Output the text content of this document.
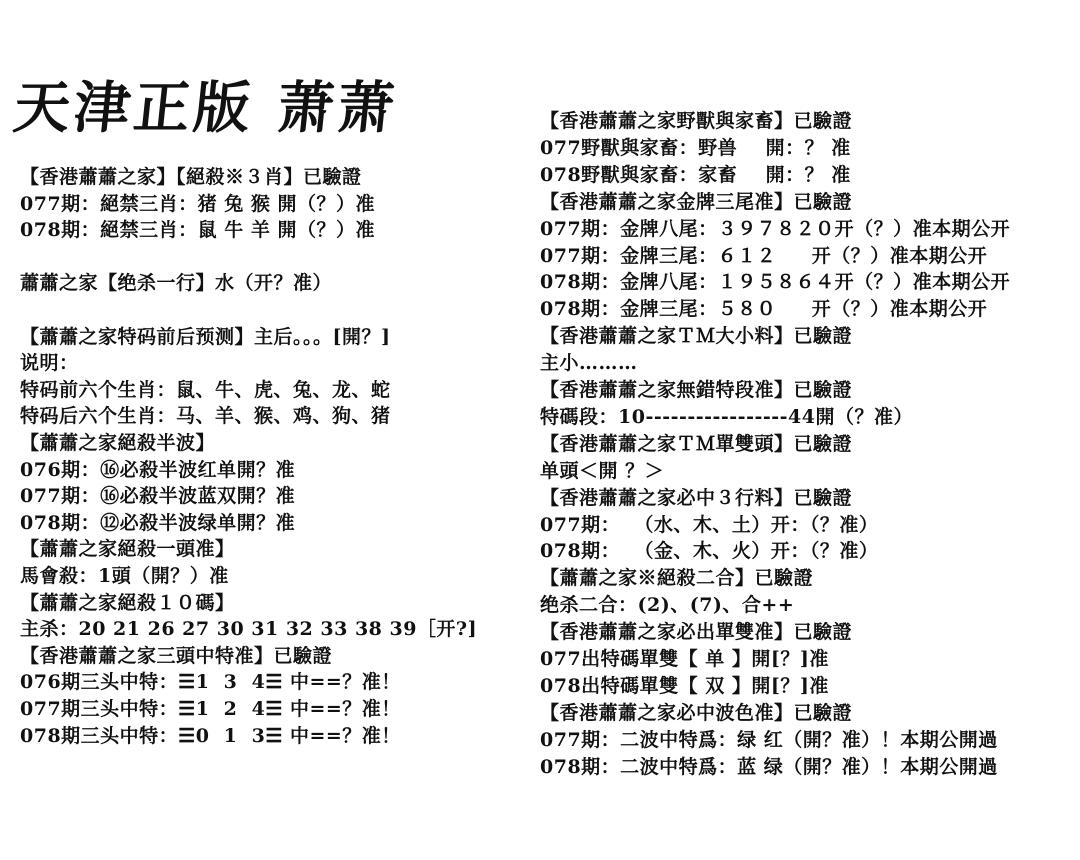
天津正版 萧萧
【香港蕭蕭之家】【絕殺※３肖】已驗證
077期：絕禁三肖：猪 兔 猴 開（？）准
078期：絕禁三肖：鼠 牛 羊 開（？）准
蕭蕭之家【绝杀一行】水（开？准）
【蕭蕭之家特码前后预测】主后。。。[開？]
说明：
特码前六个生肖：鼠、牛、虎、兔、龙、蛇
特码后六个生肖：马、羊、猴、鸡、狗、猪
【蕭蕭之家絕殺半波】
076期：⑯必殺半波红单開？准
077期：⑯必殺半波蓝双開？准
078期：⑫必殺半波绿单開？准
【蕭蕭之家絕殺一頭准】
馬會殺：1頭（開？）准
【蕭蕭之家絕殺１０碼】
主杀：20 21 26 27 30 31 32 33 38 39［开?]
【香港蕭蕭之家三頭中特准】已驗證
076期三头中特：☰1  3  4☰ 中==？准！
077期三头中特：☰1  2  4☰ 中==？准！
078期三头中特：☰0  1  3☰ 中==？准！
【香港蕭蕭之家野獸與家畜】已驗證
077野獸與家畜：野兽    開：？ 准
078野獸與家畜：家畜    開：？ 准
【香港蕭蕭之家金牌三尾准】已驗證
077期：金牌八尾：３９７８２０开（？）准本期公开
077期：金牌三尾：６１２     开（？）准本期公开
078期：金牌八尾：１９５８６４开（？）准本期公开
078期：金牌三尾：５８０     开（？）准本期公开
【香港蕭蕭之家ＴＭ大小料】已驗證
主小………
【香港蕭蕭之家無錯特段准】已驗證
特碼段：10-----------------44開（？准）
【香港蕭蕭之家ＴＭ單雙頭】已驗證
单頭＜開 ？＞
【香港蕭蕭之家必中３行料】已驗證
077期：  （水、木、土）开：（？准）
078期：  （金、木、火）开：（？准）
【蕭蕭之家※絕殺二合】已驗證
绝杀二合：(2)、(7)、合++
【香港蕭蕭之家必出單雙准】已驗證
077出特碼單雙【 单 】開[？]准
078出特碼單雙【 双 】開[？]准
【香港蕭蕭之家必中波色准】已驗證
077期：二波中特爲：绿 红（開？准）！本期公開過
078期：二波中特爲：蓝 绿（開？准）！本期公開過
